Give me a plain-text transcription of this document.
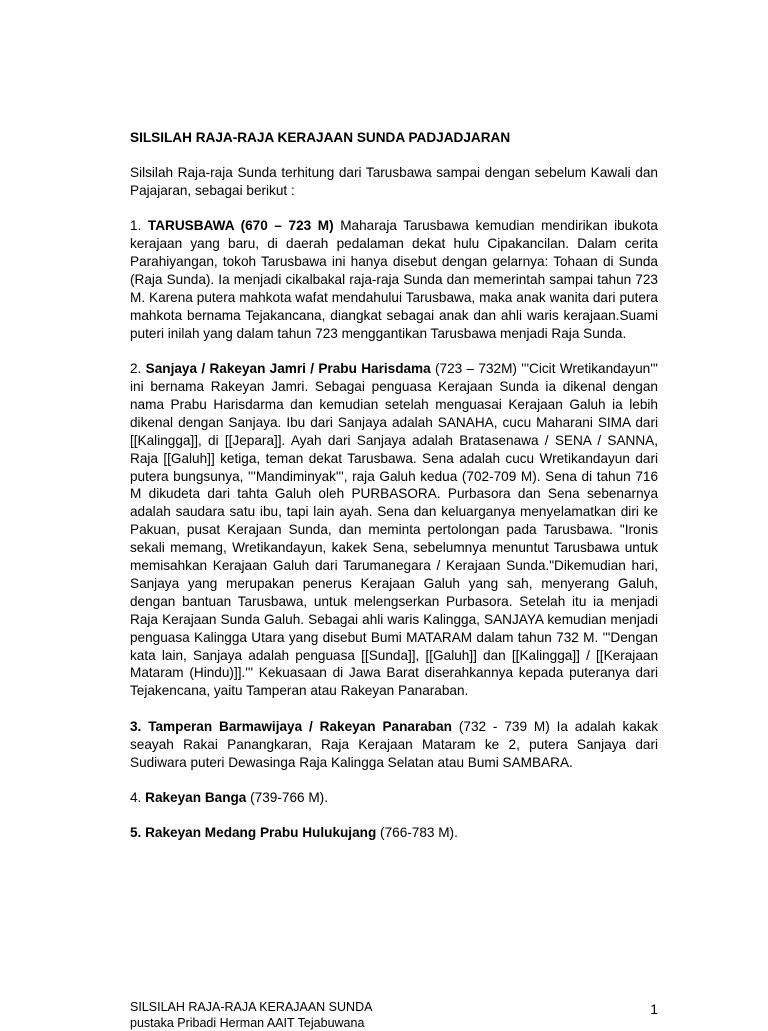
SILSILAH RAJA-RAJA KERAJAAN SUNDA PADJADJARAN
Silsilah Raja-raja Sunda terhitung dari Tarusbawa sampai dengan sebelum Kawali dan Pajajaran, sebagai berikut :
1. TARUSBAWA (670 – 723 M) Maharaja Tarusbawa kemudian mendirikan ibukota kerajaan yang baru, di daerah pedalaman dekat hulu Cipakancilan. Dalam cerita Parahiyangan, tokoh Tarusbawa ini hanya disebut dengan gelarnya: Tohaan di Sunda (Raja Sunda). Ia menjadi cikalbakal raja-raja Sunda dan memerintah sampai tahun 723 M. Karena putera mahkota wafat mendahului Tarusbawa, maka anak wanita dari putera mahkota bernama Tejakancana, diangkat sebagai anak dan ahli waris kerajaan.Suami puteri inilah yang dalam tahun 723 menggantikan Tarusbawa menjadi Raja Sunda.
2. Sanjaya / Rakeyan Jamri / Prabu Harisdama (723 – 732M) '''Cicit Wretikandayun''' ini bernama Rakeyan Jamri. Sebagai penguasa Kerajaan Sunda ia dikenal dengan nama Prabu Harisdarma dan kemudian setelah menguasai Kerajaan Galuh ia lebih dikenal dengan Sanjaya. Ibu dari Sanjaya adalah SANAHA, cucu Maharani SIMA dari [[Kalingga]], di [[Jepara]]. Ayah dari Sanjaya adalah Bratasenawa / SENA / SANNA, Raja [[Galuh]] ketiga, teman dekat Tarusbawa. Sena adalah cucu Wretikandayun dari putera bungsunya, '''Mandiminyak''', raja Galuh kedua (702-709 M). Sena di tahun 716 M dikudeta dari tahta Galuh oleh PURBASORA. Purbasora dan Sena sebenarnya adalah saudara satu ibu, tapi lain ayah. Sena dan keluarganya menyelamatkan diri ke Pakuan, pusat Kerajaan Sunda, dan meminta pertolongan pada Tarusbawa. "Ironis sekali memang, Wretikandayun, kakek Sena, sebelumnya menuntut Tarusbawa untuk memisahkan Kerajaan Galuh dari Tarumanegara / Kerajaan Sunda."Dikemudian hari, Sanjaya yang merupakan penerus Kerajaan Galuh yang sah, menyerang Galuh, dengan bantuan Tarusbawa, untuk melengserkan Purbasora. Setelah itu ia menjadi Raja Kerajaan Sunda Galuh. Sebagai ahli waris Kalingga, SANJAYA kemudian menjadi penguasa Kalingga Utara yang disebut Bumi MATARAM dalam tahun 732 M. '''Dengan kata lain, Sanjaya adalah penguasa [[Sunda]], [[Galuh]] dan [[Kalingga]] / [[Kerajaan Mataram (Hindu)]].''' Kekuasaan di Jawa Barat diserahkannya kepada puteranya dari Tejakencana, yaitu Tamperan atau Rakeyan Panaraban.
3. Tamperan Barmawijaya / Rakeyan Panaraban (732 - 739 M) Ia adalah kakak seayah Rakai Panangkaran, Raja Kerajaan Mataram ke 2, putera Sanjaya dari Sudiwara puteri Dewasinga Raja Kalingga Selatan atau Bumi SAMBARA.
4. Rakeyan Banga (739-766 M).
5. Rakeyan Medang Prabu Hulukujang (766-783 M).
SILSILAH RAJA-RAJA KERAJAAN SUNDA
pustaka Pribadi Herman AAIT Tejabuwana
1
